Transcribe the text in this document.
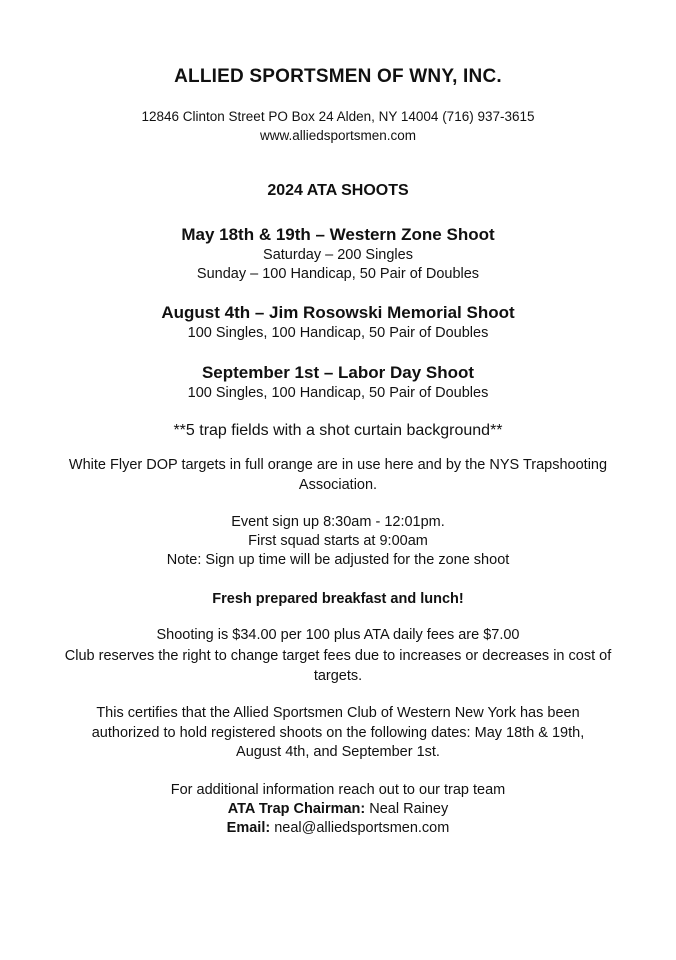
ALLIED SPORTSMEN OF WNY, INC.
12846 Clinton Street PO Box 24 Alden, NY 14004 (716) 937-3615
www.alliedsportsmen.com
2024 ATA SHOOTS
May 18th & 19th – Western Zone Shoot
Saturday – 200 Singles
Sunday – 100 Handicap, 50 Pair of Doubles
August 4th – Jim Rosowski Memorial Shoot
100 Singles, 100 Handicap, 50 Pair of Doubles
September 1st – Labor Day Shoot
100 Singles, 100 Handicap, 50 Pair of Doubles
**5 trap fields with a shot curtain background**
White Flyer DOP targets in full orange are in use here and by the NYS Trapshooting
Association.
Event sign up 8:30am - 12:01pm.
First squad starts at 9:00am
Note: Sign up time will be adjusted for the zone shoot
Fresh prepared breakfast and lunch!
Shooting is $34.00 per 100 plus ATA daily fees are $7.00
Club reserves the right to change target fees due to increases or decreases in cost of
targets.
This certifies that the Allied Sportsmen Club of Western New York has been
authorized to hold registered shoots on the following dates: May 18th & 19th,
August 4th, and September 1st.
For additional information reach out to our trap team
ATA Trap Chairman: Neal Rainey
Email: neal@alliedsportsmen.com
